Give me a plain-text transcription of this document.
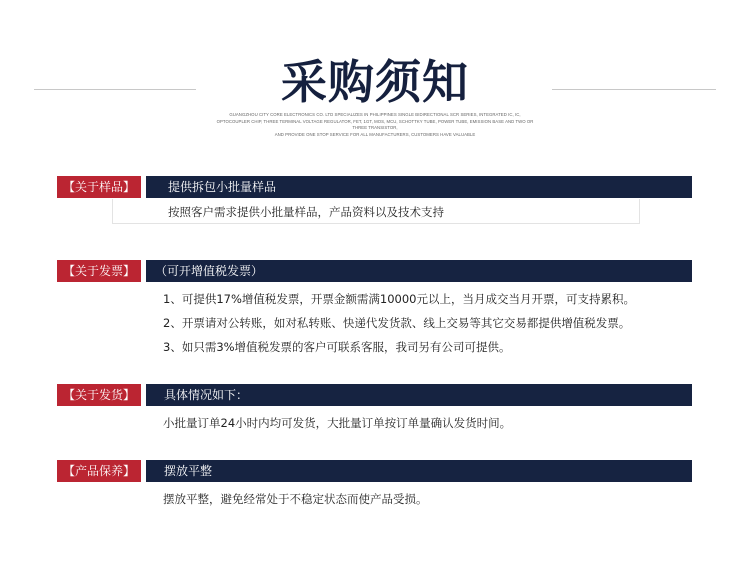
采购须知
GUANGZHOU CITY CORE ELECTRONICS CO. LTD SPECIALIZES IN PHILIPPINES SINGLE BIDIRECTIONAL SCR SERIES, INTEGRATED IC, IC,
OPTOCOUPLER CHIP, THREE TERMINAL VOLTAGE REGULATOR, FET, 1GT, MOS, MCU, SCHOTTKY TUBE, POWER TUBE, EMISSION BASE AND TWO OR THREE TRANSISTOR,
AND PROVIDE ONE STOP SERVICE FOR ALL MANUFACTURERS, CUSTOMERS HAVE VALUABLE
【关于样品】	提供拆包小批量样品
按照客户需求提供小批量样品，产品资料以及技术支持
【关于发票】	（可开增值税发票）
1、可提供17%增值税发票，开票金额需满10000元以上，当月成交当月开票，可支持累积。
2、开票请对公转账，如对私转账、快递代发货款、线上交易等其它交易都提供增值税发票。
3、如只需3%增值税发票的客户可联系客服，我司另有公司可提供。
【关于发货】	具体情况如下：
小批量订单24小时内均可发货，大批量订单按订单量确认发货时间。
【产品保养】	摆放平整
摆放平整，避免经常处于不稳定状态而使产品受损。
